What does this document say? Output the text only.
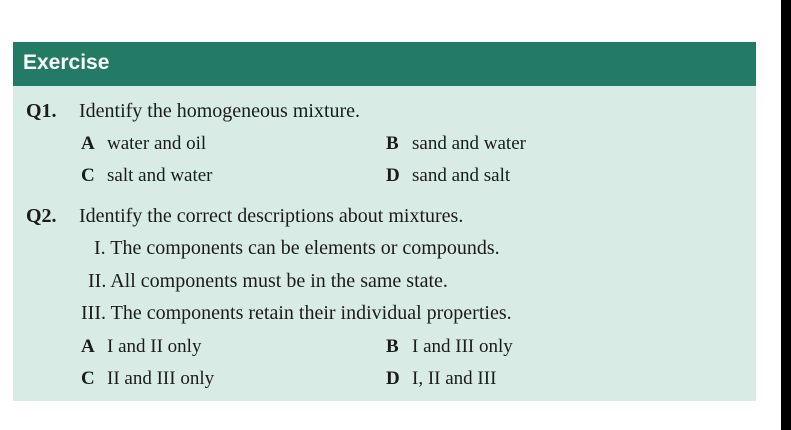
Exercise
Q1. Identify the homogeneous mixture.
A water and oil	B sand and water
C salt and water	D sand and salt
Q2. Identify the correct descriptions about mixtures.
I. The components can be elements or compounds.
II. All components must be in the same state.
III. The components retain their individual properties.
A I and II only	B I and III only
C II and III only	D I, II and III
